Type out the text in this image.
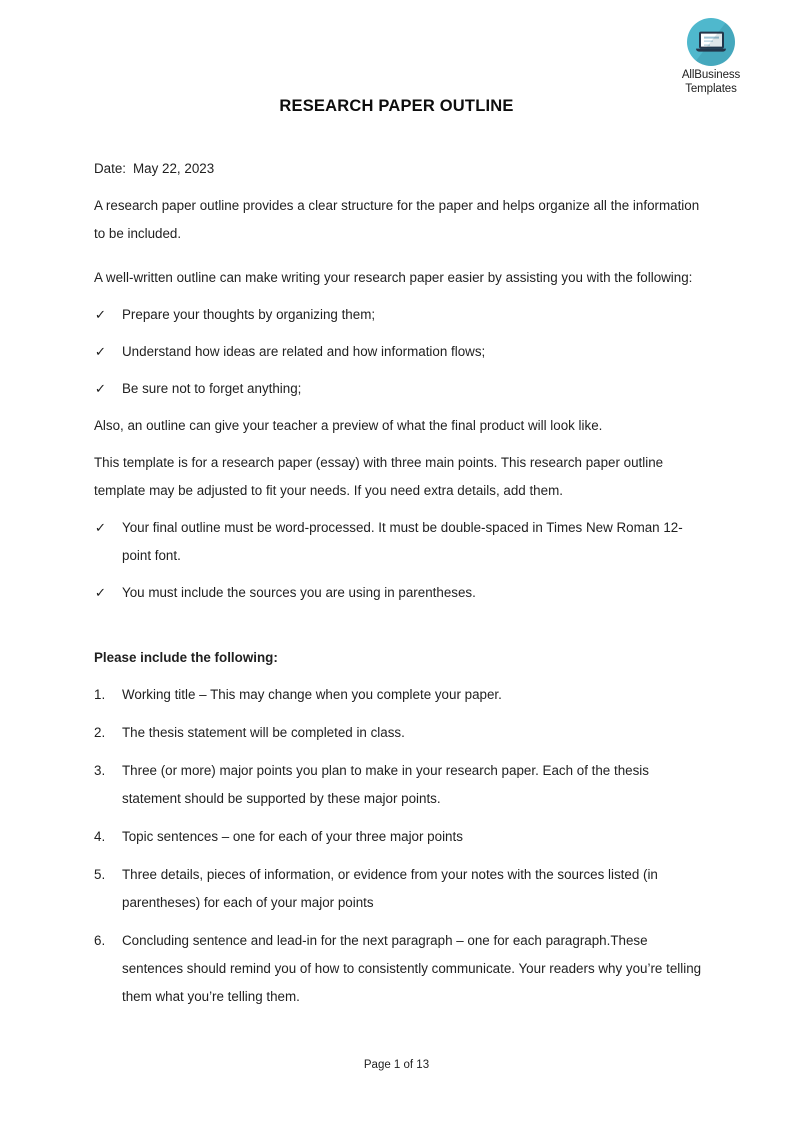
AllBusiness
Templates
RESEARCH PAPER OUTLINE

Date: May 22, 2023

A research paper outline provides a clear structure for the paper and helps organize all the information to be included.

A well-written outline can make writing your research paper easier by assisting you with the following:

✓ Prepare your thoughts by organizing them;
✓ Understand how ideas are related and how information flows;
✓ Be sure not to forget anything;

Also, an outline can give your teacher a preview of what the final product will look like.

This template is for a research paper (essay) with three main points. This research paper outline template may be adjusted to fit your needs. If you need extra details, add them.

✓ Your final outline must be word-processed. It must be double-spaced in Times New Roman 12-point font.
✓ You must include the sources you are using in parentheses.

Please include the following:

1. Working title – This may change when you complete your paper.
2. The thesis statement will be completed in class.
3. Three (or more) major points you plan to make in your research paper. Each of the thesis statement should be supported by these major points.
4. Topic sentences – one for each of your three major points
5. Three details, pieces of information, or evidence from your notes with the sources listed (in parentheses) for each of your major points
6. Concluding sentence and lead-in for the next paragraph – one for each paragraph.These sentences should remind you of how to consistently communicate. Your readers why you’re telling them what you’re telling them.
Page 1 of 13
